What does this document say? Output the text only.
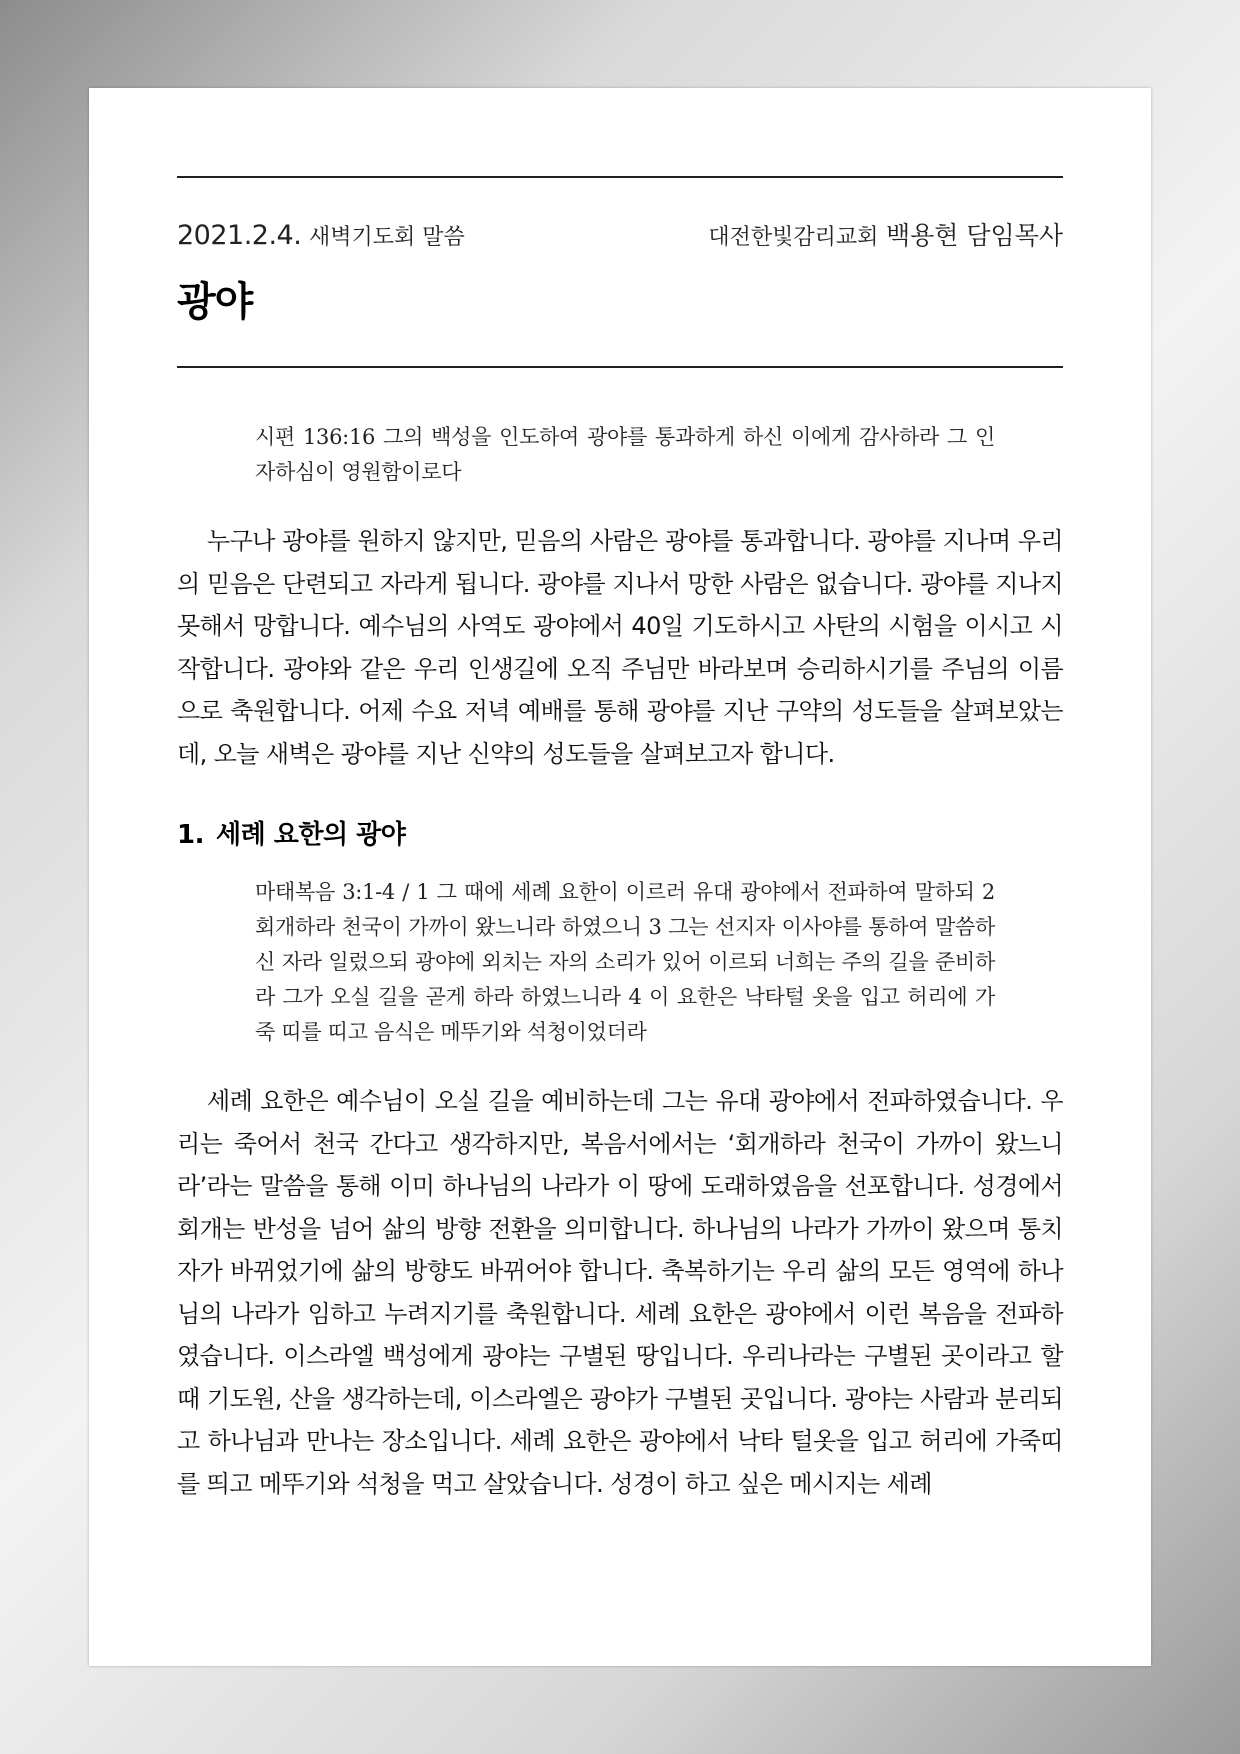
2021.2.4. 새벽기도회 말씀	대전한빛감리교회 백용현 담임목사
광야
시편 136:16 그의 백성을 인도하여 광야를 통과하게 하신 이에게 감사하라 그 인자하심이 영원함이로다

누구나 광야를 원하지 않지만, 믿음의 사람은 광야를 통과합니다. 광야를 지나며 우리의 믿음은 단련되고 자라게 됩니다. 광야를 지나서 망한 사람은 없습니다. 광야를 지나지 못해서 망합니다. 예수님의 사역도 광야에서 40일 기도하시고 사탄의 시험을 이시고 시작합니다. 광야와 같은 우리 인생길에 오직 주님만 바라보며 승리하시기를 주님의 이름으로 축원합니다. 어제 수요 저녁 예배를 통해 광야를 지난 구약의 성도들을 살펴보았는데, 오늘 새벽은 광야를 지난 신약의 성도들을 살펴보고자 합니다.

1. 세례 요한의 광야
마태복음 3:1-4 / 1 그 때에 세례 요한이 이르러 유대 광야에서 전파하여 말하되 2 회개하라 천국이 가까이 왔느니라 하였으니 3 그는 선지자 이사야를 통하여 말씀하신 자라 일렀으되 광야에 외치는 자의 소리가 있어 이르되 너희는 주의 길을 준비하라 그가 오실 길을 곧게 하라 하였느니라 4 이 요한은 낙타털 옷을 입고 허리에 가죽 띠를 띠고 음식은 메뚜기와 석청이었더라

세례 요한은 예수님이 오실 길을 예비하는데 그는 유대 광야에서 전파하였습니다. 우리는 죽어서 천국 간다고 생각하지만, 복음서에서는 ‘회개하라 천국이 가까이 왔느니라’라는 말씀을 통해 이미 하나님의 나라가 이 땅에 도래하였음을 선포합니다. 성경에서 회개는 반성을 넘어 삶의 방향 전환을 의미합니다. 하나님의 나라가 가까이 왔으며 통치자가 바뀌었기에 삶의 방향도 바뀌어야 합니다. 축복하기는 우리 삶의 모든 영역에 하나님의 나라가 임하고 누려지기를 축원합니다. 세례 요한은 광야에서 이런 복음을 전파하였습니다. 이스라엘 백성에게 광야는 구별된 땅입니다. 우리나라는 구별된 곳이라고 할 때 기도원, 산을 생각하는데, 이스라엘은 광야가 구별된 곳입니다. 광야는 사람과 분리되고 하나님과 만나는 장소입니다. 세례 요한은 광야에서 낙타 털옷을 입고 허리에 가죽띠를 띄고 메뚜기와 석청을 먹고 살았습니다. 성경이 하고 싶은 메시지는 세례
